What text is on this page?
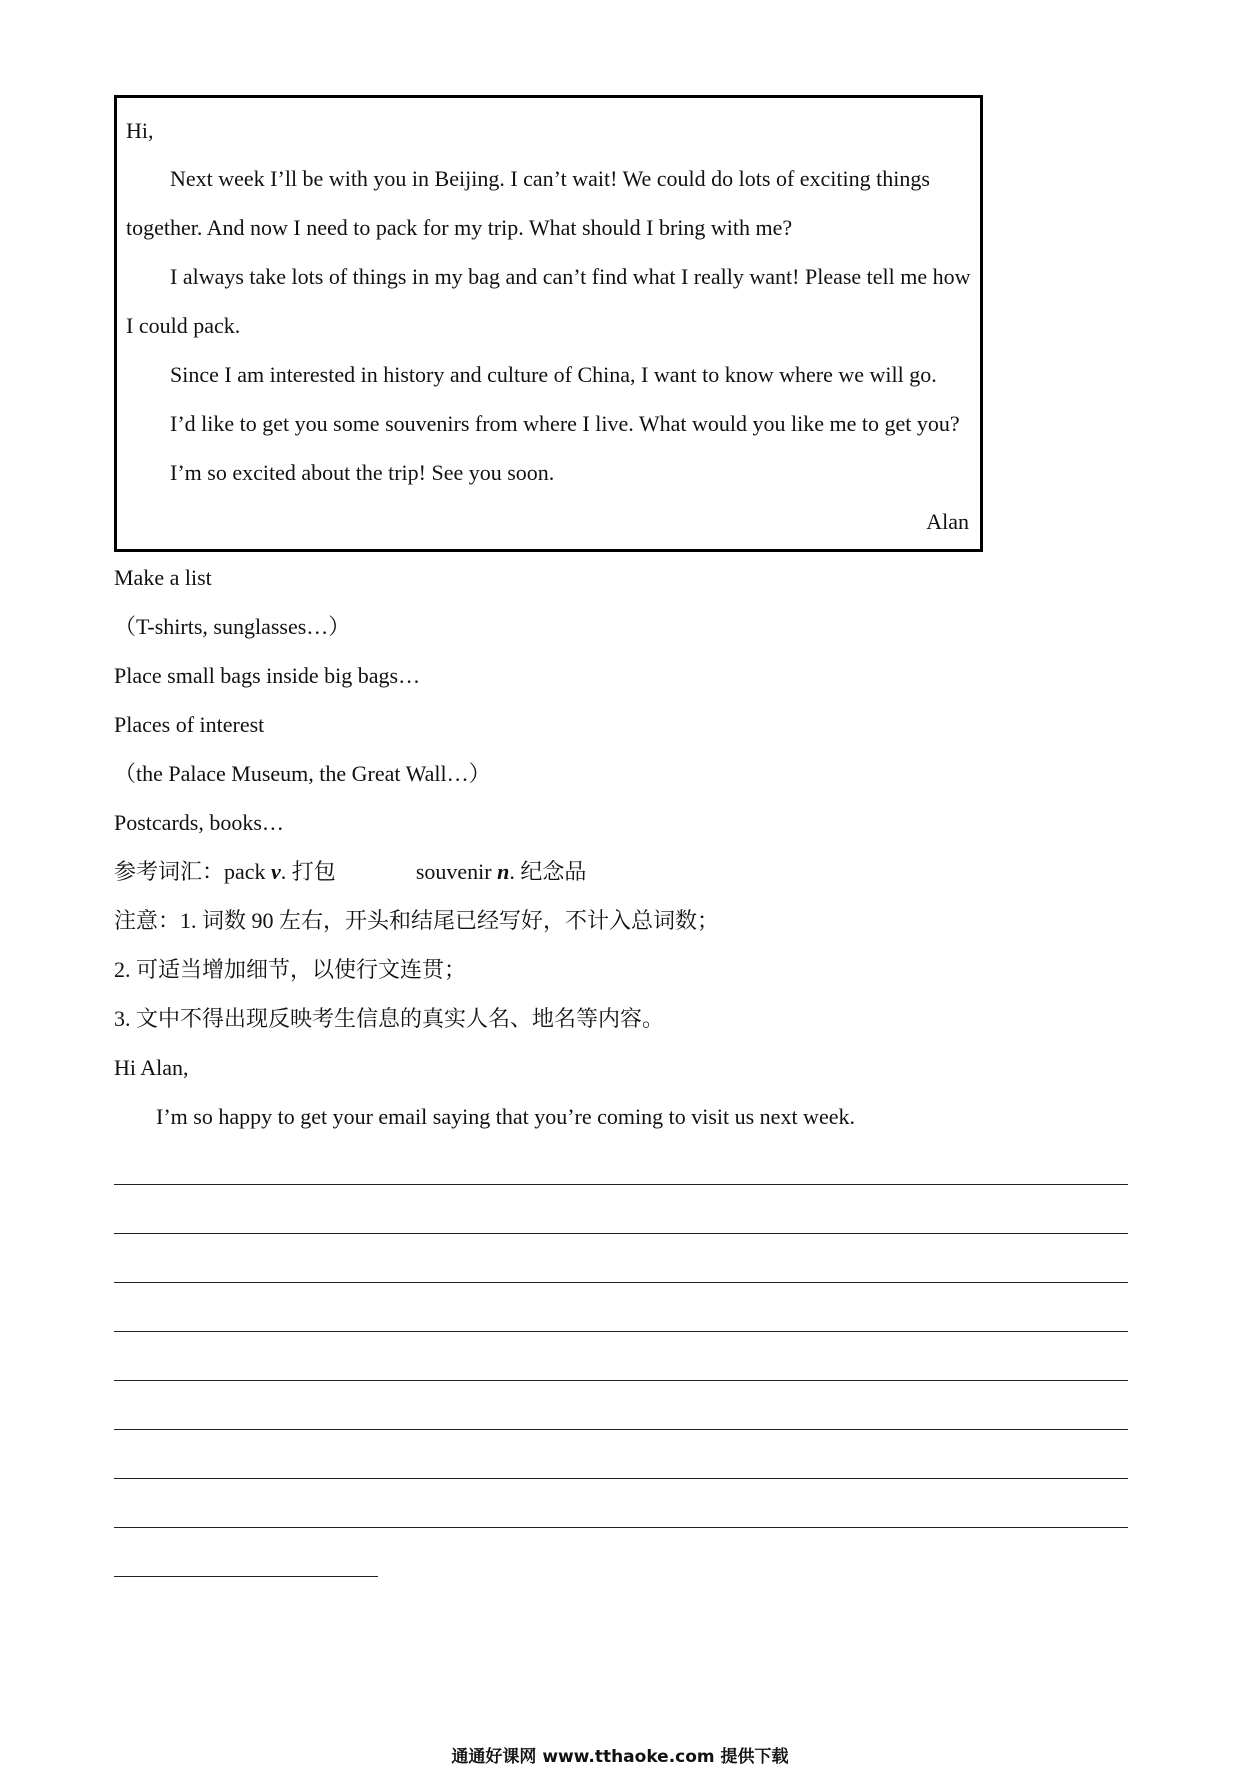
Hi,
Next week I’ll be with you in Beijing. I can’t wait! We could do lots of exciting things
together. And now I need to pack for my trip. What should I bring with me?
I always take lots of things in my bag and can’t find what I really want! Please tell me how
I could pack.
Since I am interested in history and culture of China, I want to know where we will go.
I’d like to get you some souvenirs from where I live. What would you like me to get you?
I’m so excited about the trip! See you soon.
Alan
Make a list
（T-shirts, sunglasses…）
Place small bags inside big bags…
Places of interest
（the Palace Museum, the Great Wall…）
Postcards, books…
参考词汇：pack v. 打包	souvenir n. 纪念品
注意：1. 词数 90 左右，开头和结尾已经写好，不计入总词数；
2. 可适当增加细节，以使行文连贯；
3. 文中不得出现反映考生信息的真实人名、地名等内容。
Hi Alan,
I’m so happy to get your email saying that you’re coming to visit us next week.
通通好课网 www.tthaoke.com 提供下载
